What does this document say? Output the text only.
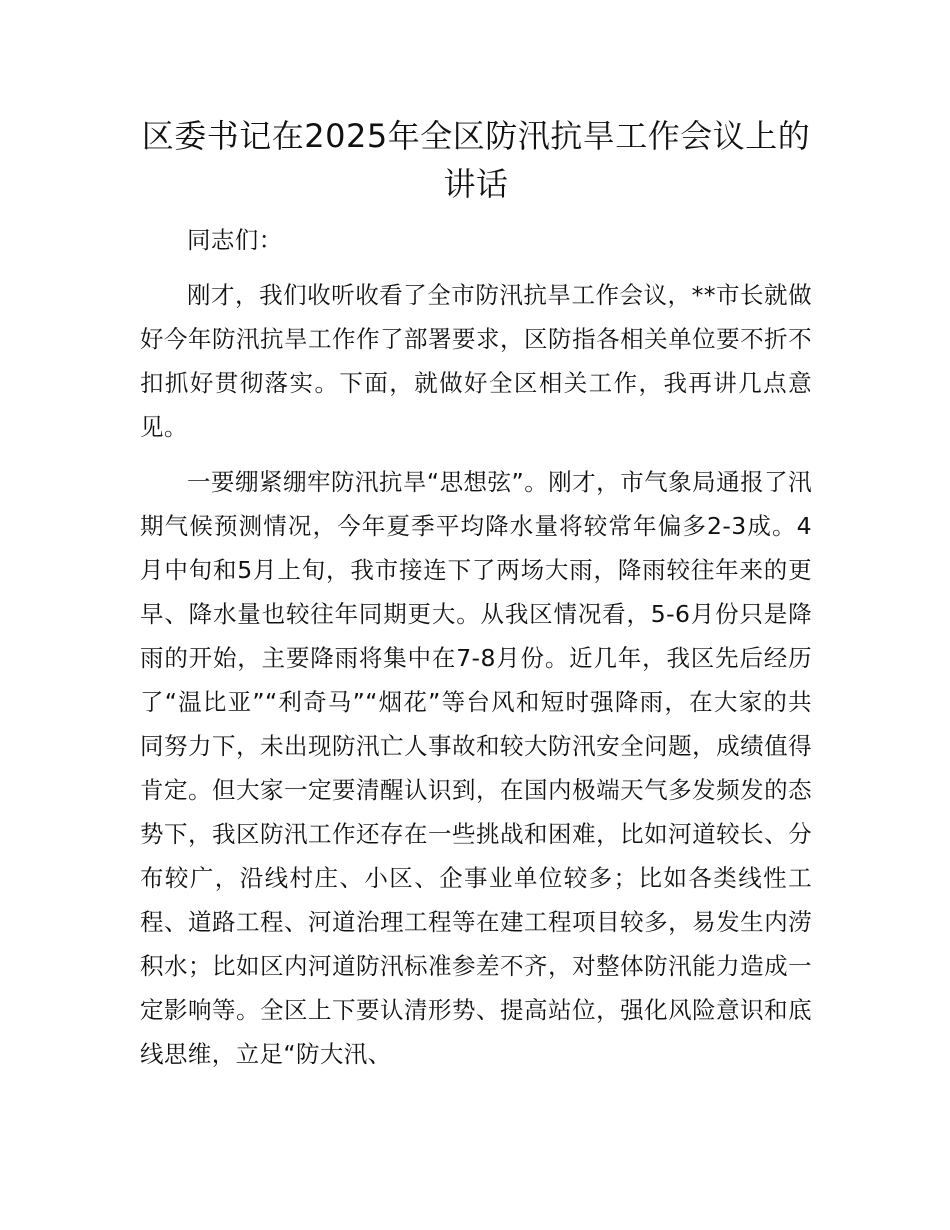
区委书记在2025年全区防汛抗旱工作会议上的讲话

同志们：

刚才，我们收听收看了全市防汛抗旱工作会议，**市长就做好今年防汛抗旱工作作了部署要求，区防指各相关单位要不折不扣抓好贯彻落实。下面，就做好全区相关工作，我再讲几点意见。

一要绷紧绷牢防汛抗旱“思想弦”。刚才，市气象局通报了汛期气候预测情况，今年夏季平均降水量将较常年偏多2-3成。4月中旬和5月上旬，我市接连下了两场大雨，降雨较往年来的更早、降水量也较往年同期更大。从我区情况看，5-6月份只是降雨的开始，主要降雨将集中在7-8月份。近几年，我区先后经历了“温比亚”“利奇马”“烟花”等台风和短时强降雨，在大家的共同努力下，未出现防汛亡人事故和较大防汛安全问题，成绩值得肯定。但大家一定要清醒认识到，在国内极端天气多发频发的态势下，我区防汛工作还存在一些挑战和困难，比如河道较长、分布较广，沿线村庄、小区、企事业单位较多；比如各类线性工程、道路工程、河道治理工程等在建工程项目较多，易发生内涝积水；比如区内河道防汛标准参差不齐，对整体防汛能力造成一定影响等。全区上下要认清形势、提高站位，强化风险意识和底线思维，立足“防大汛、
